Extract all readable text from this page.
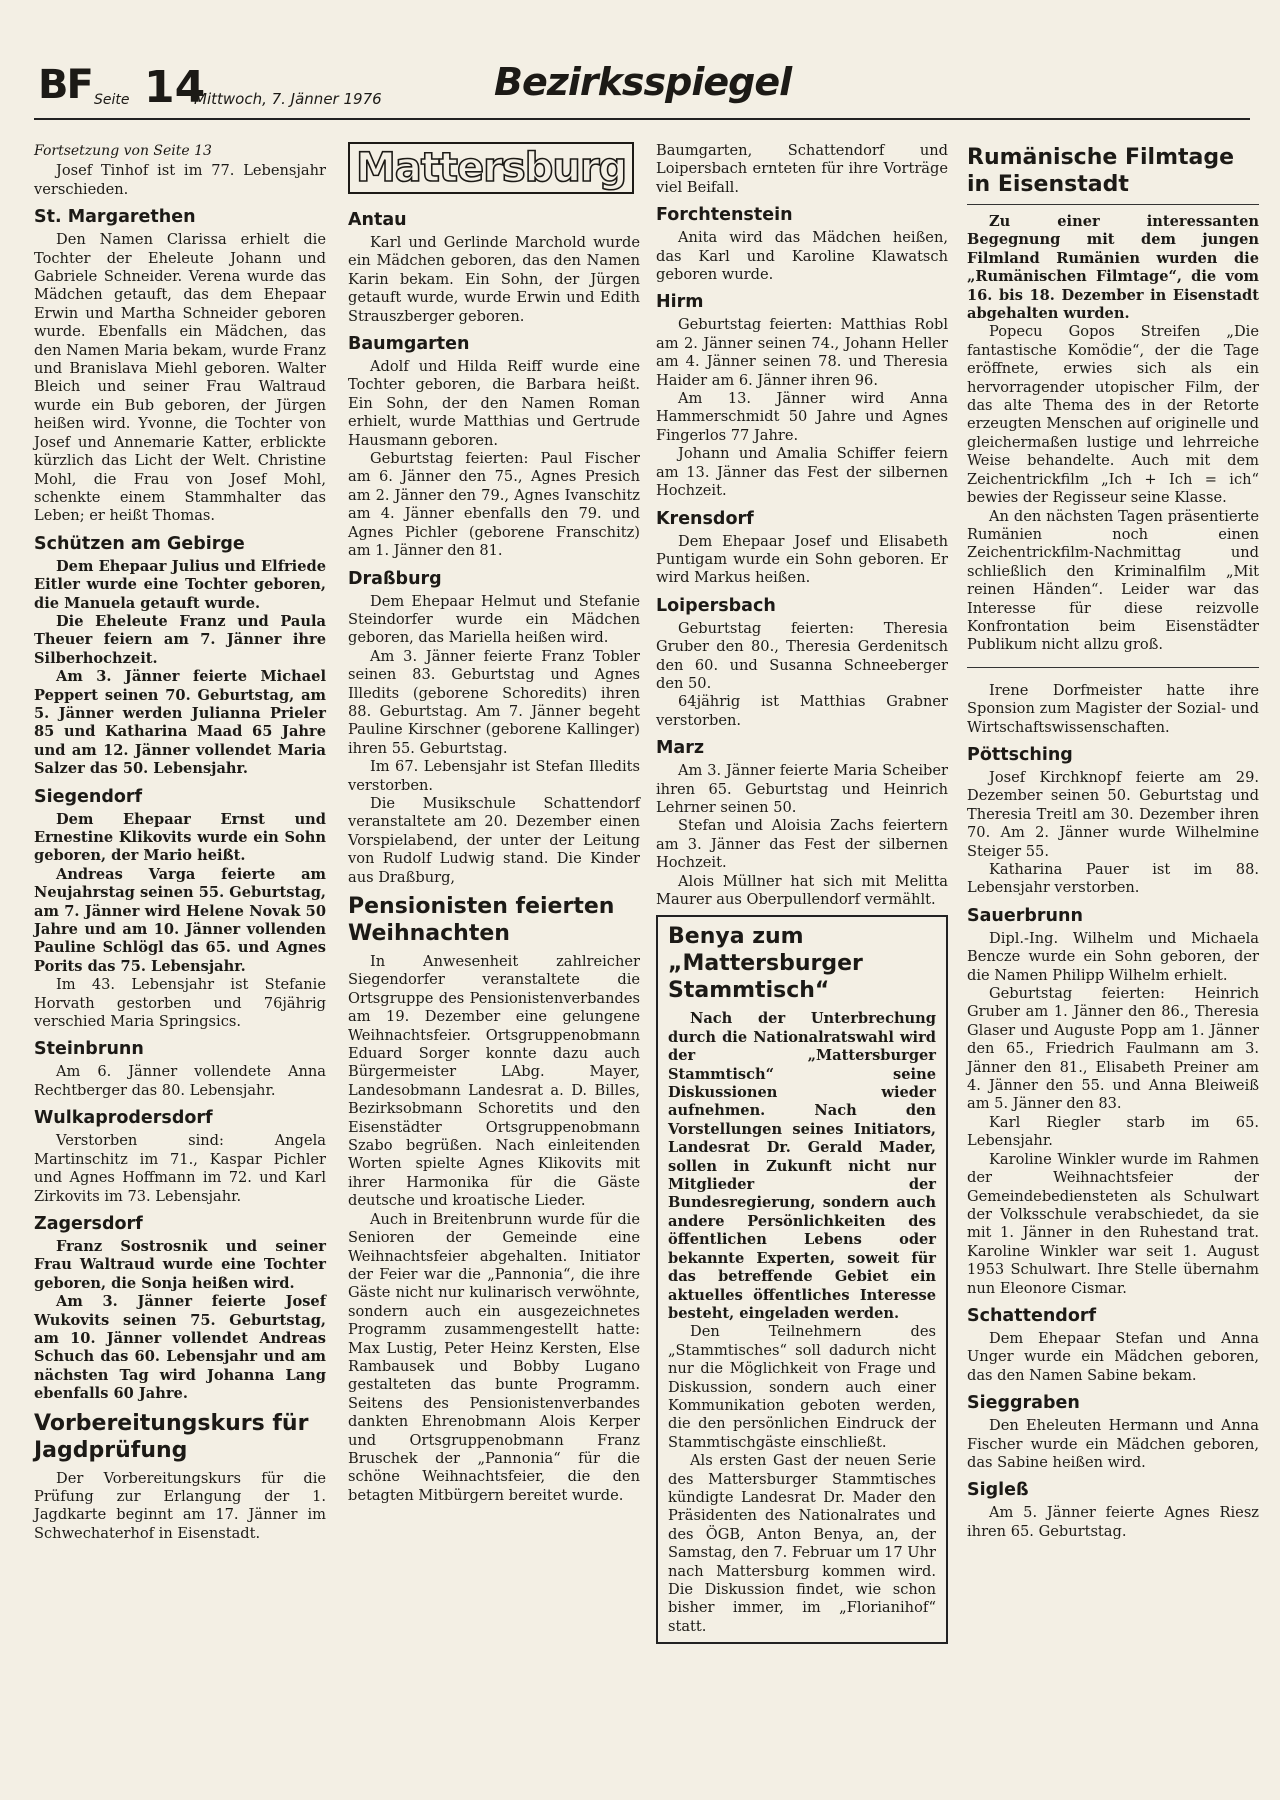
BF Seite 14
Mittwoch, 7. Jänner 1976	Bezirksspiegel

Fortsetzung von Seite 13

Josef Tinhof ist im 77. Lebensjahr verschieden.

St. Margarethen

Den Namen Clarissa erhielt die Tochter der Eheleute Johann und Gabriele Schneider. Verena wurde das Mädchen getauft, das dem Ehepaar Erwin und Martha Schneider geboren wurde. Ebenfalls ein Mädchen, das den Namen Maria bekam, wurde Franz und Branislava Miehl geboren. Walter Bleich und seiner Frau Waltraud wurde ein Bub geboren, der Jürgen heißen wird. Yvonne, die Tochter von Josef und Annemarie Katter, erblickte kürzlich das Licht der Welt. Christine Mohl, die Frau von Josef Mohl, schenkte einem Stammhalter das Leben; er heißt Thomas.

Schützen am Gebirge

Dem Ehepaar Julius und Elfriede Eitler wurde eine Tochter geboren, die Manuela getauft wurde.

Die Eheleute Franz und Paula Theuer feiern am 7. Jänner ihre Silberhochzeit.

Am 3. Jänner feierte Michael Peppert seinen 70. Geburtstag, am 5. Jänner werden Julianna Prieler 85 und Katharina Maad 65 Jahre und am 12. Jänner vollendet Maria Salzer das 50. Lebensjahr.

Siegendorf

Dem Ehepaar Ernst und Ernestine Klikovits wurde ein Sohn geboren, der Mario heißt.

Andreas Varga feierte am Neujahrstag seinen 55. Geburtstag, am 7. Jänner wird Helene Novak 50 Jahre und am 10. Jänner vollenden Pauline Schlögl das 65. und Agnes Porits das 75. Lebensjahr.

Im 43. Lebensjahr ist Stefanie Horvath gestorben und 76jährig verschied Maria Springsics.

Steinbrunn

Am 6. Jänner vollendete Anna Rechtberger das 80. Lebensjahr.

Wulkaprodersdorf

Verstorben sind: Angela Martinschitz im 71., Kaspar Pichler und Agnes Hoffmann im 72. und Karl Zirkovits im 73. Lebensjahr.

Zagersdorf

Franz Sostrosnik und seiner Frau Waltraud wurde eine Tochter geboren, die Sonja heißen wird.

Am 3. Jänner feierte Josef Wukovits seinen 75. Geburtstag, am 10. Jänner vollendet Andreas Schuch das 60. Lebensjahr und am nächsten Tag wird Johanna Lang ebenfalls 60 Jahre.

Vorbereitungskurs für Jagdprüfung

Der Vorbereitungskurs für die Prüfung zur Erlangung der 1. Jagdkarte beginnt am 17. Jänner im Schwechaterhof in Eisenstadt.

Mattersburg
Antau

Karl und Gerlinde Marchold wurde ein Mädchen geboren, das den Namen Karin bekam. Ein Sohn, der Jürgen getauft wurde, wurde Erwin und Edith Strauszberger geboren.

Baumgarten

Adolf und Hilda Reiff wurde eine Tochter geboren, die Barbara heißt. Ein Sohn, der den Namen Roman erhielt, wurde Matthias und Gertrude Hausmann geboren.

Geburtstag feierten: Paul Fischer am 6. Jänner den 75., Agnes Presich am 2. Jänner den 79., Agnes Ivanschitz am 4. Jänner ebenfalls den 79. und Agnes Pichler (geborene Franschitz) am 1. Jänner den 81.

Draßburg

Dem Ehepaar Helmut und Stefanie Steindorfer wurde ein Mädchen geboren, das Mariella heißen wird.

Am 3. Jänner feierte Franz Tobler seinen 83. Geburtstag und Agnes Illedits (geborene Schoredits) ihren 88. Geburtstag. Am 7. Jänner begeht Pauline Kirschner (geborene Kallinger) ihren 55. Geburtstag.

Im 67. Lebensjahr ist Stefan Illedits verstorben.

Die Musikschule Schattendorf veranstaltete am 20. Dezember einen Vorspielabend, der unter der Leitung von Rudolf Ludwig stand. Die Kinder aus Draßburg,

Pensionisten feierten Weihnachten

In Anwesenheit zahlreicher Siegendorfer veranstaltete die Ortsgruppe des Pensionistenverbandes am 19. Dezember eine gelungene Weihnachtsfeier. Ortsgruppenobmann Eduard Sorger konnte dazu auch Bürgermeister LAbg. Mayer, Landesobmann Landesrat a. D. Billes, Bezirksobmann Schoretits und den Eisenstädter Ortsgruppenobmann Szabo begrüßen. Nach einleitenden Worten spielte Agnes Klikovits mit ihrer Harmonika für die Gäste deutsche und kroatische Lieder.

Auch in Breitenbrunn wurde für die Senioren der Gemeinde eine Weihnachtsfeier abgehalten. Initiator der Feier war die „Pannonia“, die ihre Gäste nicht nur kulinarisch verwöhnte, sondern auch ein ausgezeichnetes Programm zusammengestellt hatte: Max Lustig, Peter Heinz Kersten, Else Rambausek und Bobby Lugano gestalteten das bunte Programm. Seitens des Pensionistenverbandes dankten Ehrenobmann Alois Kerper und Ortsgruppenobmann Franz Bruschek der „Pannonia“ für die schöne Weihnachtsfeier, die den betagten Mitbürgern bereitet wurde.

Baumgarten, Schattendorf und Loipersbach ernteten für ihre Vorträge viel Beifall.

Forchtenstein

Anita wird das Mädchen heißen, das Karl und Karoline Klawatsch geboren wurde.

Hirm

Geburtstag feierten: Matthias Robl am 2. Jänner seinen 74., Johann Heller am 4. Jänner seinen 78. und Theresia Haider am 6. Jänner ihren 96.

Am 13. Jänner wird Anna Hammerschmidt 50 Jahre und Agnes Fingerlos 77 Jahre.

Johann und Amalia Schiffer feiern am 13. Jänner das Fest der silbernen Hochzeit.

Krensdorf

Dem Ehepaar Josef und Elisabeth Puntigam wurde ein Sohn geboren. Er wird Markus heißen.

Loipersbach

Geburtstag feierten: Theresia Gruber den 80., Theresia Gerdenitsch den 60. und Susanna Schneeberger den 50.

64jährig ist Matthias Grabner verstorben.

Marz

Am 3. Jänner feierte Maria Scheiber ihren 65. Geburtstag und Heinrich Lehrner seinen 50.

Stefan und Aloisia Zachs feiertern am 3. Jänner das Fest der silbernen Hochzeit.

Alois Müllner hat sich mit Melitta Maurer aus Oberpullendorf vermählt.

Benya zum „Mattersburger Stammtisch“

Nach der Unterbrechung durch die Nationalratswahl wird der „Mattersburger Stammtisch“ seine Diskussionen wieder aufnehmen. Nach den Vorstellungen seines Initiators, Landesrat Dr. Gerald Mader, sollen in Zukunft nicht nur Mitglieder der Bundesregierung, sondern auch andere Persönlichkeiten des öffentlichen Lebens oder bekannte Experten, soweit für das betreffende Gebiet ein aktuelles öffentliches Interesse besteht, eingeladen werden.

Den Teilnehmern des „Stammtisches“ soll dadurch nicht nur die Möglichkeit von Frage und Diskussion, sondern auch einer Kommunikation geboten werden, die den persönlichen Eindruck der Stammtischgäste einschließt.

Als ersten Gast der neuen Serie des Mattersburger Stammtisches kündigte Landesrat Dr. Mader den Präsidenten des Nationalrates und des ÖGB, Anton Benya, an, der Samstag, den 7. Februar um 17 Uhr nach Mattersburg kommen wird. Die Diskussion findet, wie schon bisher immer, im „Florianihof“ statt.

Rumänische Filmtage in Eisenstadt

Zu einer interessanten Begegnung mit dem jungen Filmland Rumänien wurden die „Rumänischen Filmtage“, die vom 16. bis 18. Dezember in Eisenstadt abgehalten wurden.

Popecu Gopos Streifen „Die fantastische Komödie“, der die Tage eröffnete, erwies sich als ein hervorragender utopischer Film, der das alte Thema des in der Retorte erzeugten Menschen auf originelle und gleichermaßen lustige und lehrreiche Weise behandelte. Auch mit dem Zeichentrickfilm „Ich + Ich = ich“ bewies der Regisseur seine Klasse.

An den nächsten Tagen präsentierte Rumänien noch einen Zeichentrickfilm-Nachmittag und schließlich den Kriminalfilm „Mit reinen Händen“. Leider war das Interesse für diese reizvolle Konfrontation beim Eisenstädter Publikum nicht allzu groß.

Irene Dorfmeister hatte ihre Sponsion zum Magister der Sozial- und Wirtschaftswissenschaften.

Pöttsching

Josef Kirchknopf feierte am 29. Dezember seinen 50. Geburtstag und Theresia Treitl am 30. Dezember ihren 70. Am 2. Jänner wurde Wilhelmine Steiger 55.

Katharina Pauer ist im 88. Lebensjahr verstorben.

Sauerbrunn

Dipl.-Ing. Wilhelm und Michaela Bencze wurde ein Sohn geboren, der die Namen Philipp Wilhelm erhielt.

Geburtstag feierten: Heinrich Gruber am 1. Jänner den 86., Theresia Glaser und Auguste Popp am 1. Jänner den 65., Friedrich Faulmann am 3. Jänner den 81., Elisabeth Preiner am 4. Jänner den 55. und Anna Bleiweiß am 5. Jänner den 83.

Karl Riegler starb im 65. Lebensjahr.

Karoline Winkler wurde im Rahmen der Weihnachtsfeier der Gemeindebediensteten als Schulwart der Volksschule verabschiedet, da sie mit 1. Jänner in den Ruhestand trat. Karoline Winkler war seit 1. August 1953 Schulwart. Ihre Stelle übernahm nun Eleonore Cismar.

Schattendorf

Dem Ehepaar Stefan und Anna Unger wurde ein Mädchen geboren, das den Namen Sabine bekam.

Sieggraben

Den Eheleuten Hermann und Anna Fischer wurde ein Mädchen geboren, das Sabine heißen wird.

Sigleß

Am 5. Jänner feierte Agnes Riesz ihren 65. Geburtstag.
